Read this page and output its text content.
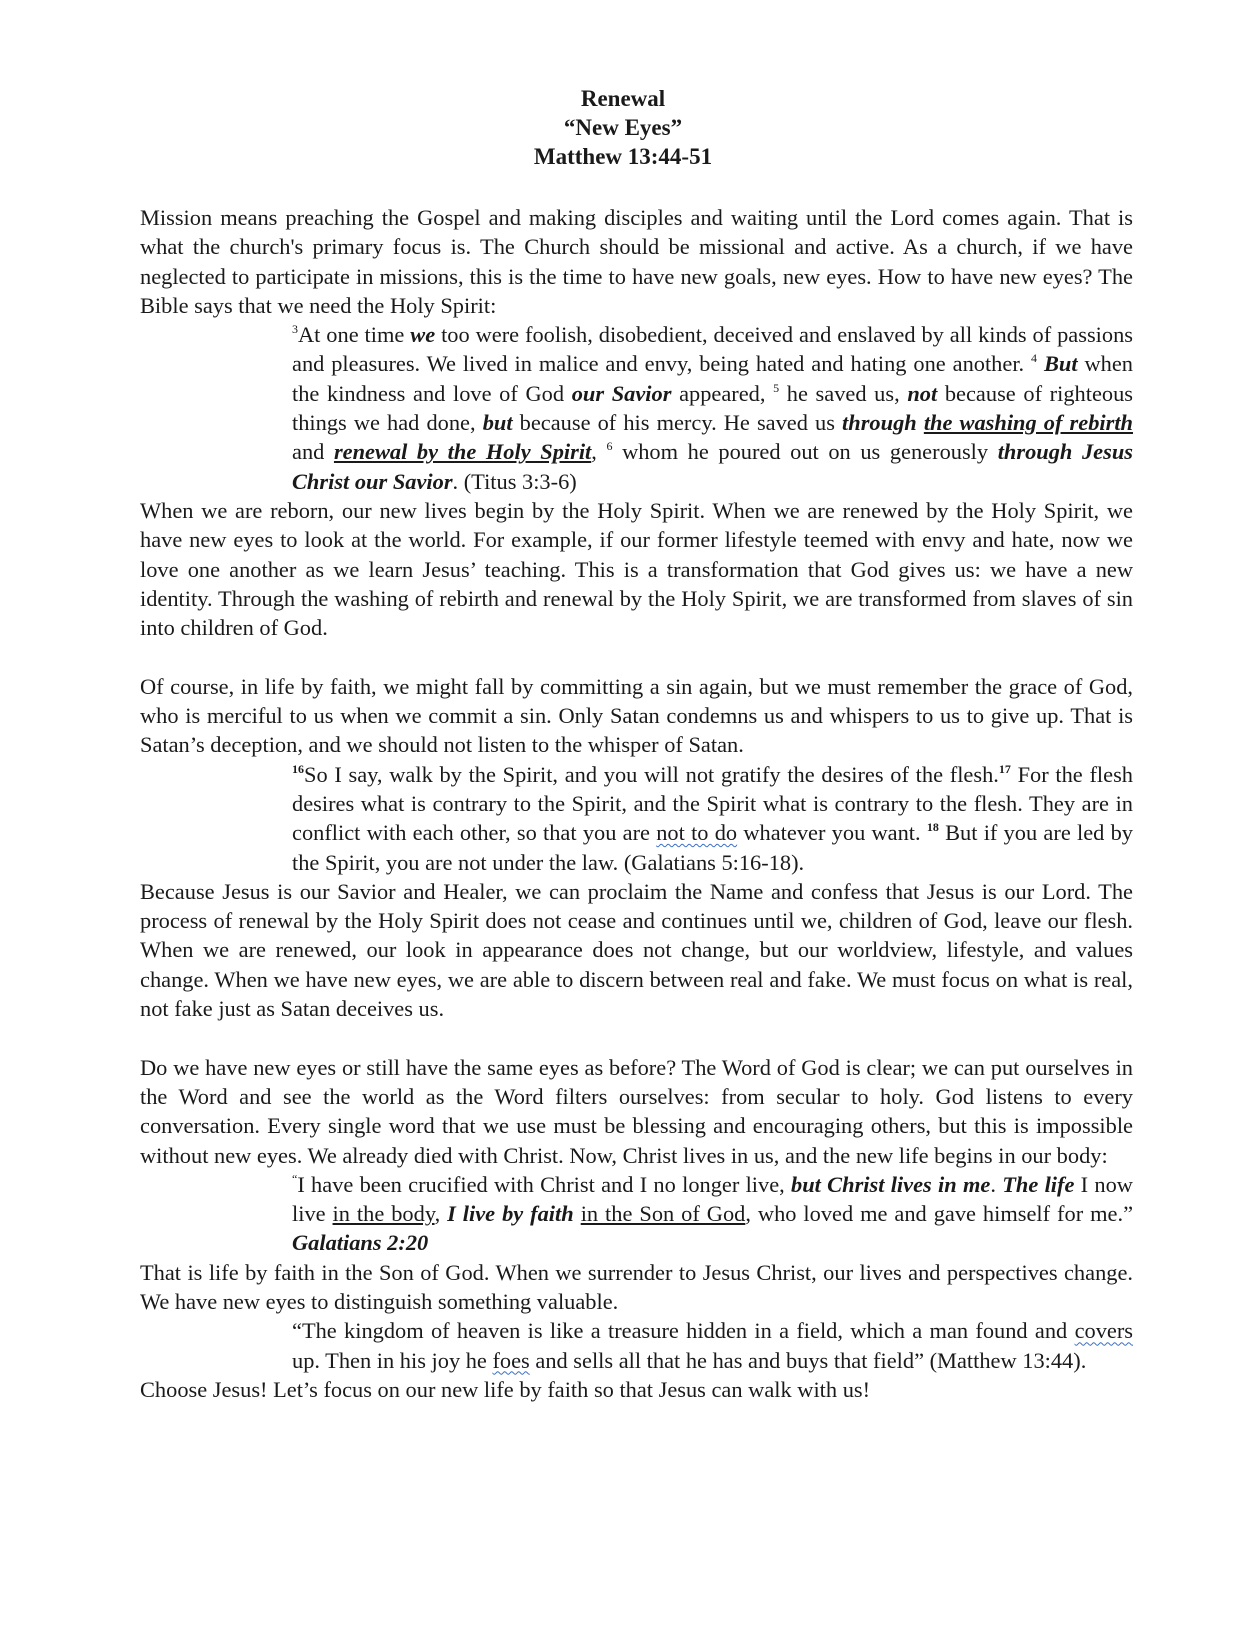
Renewal
“New Eyes”
Matthew 13:44-51

Mission means preaching the Gospel and making disciples and waiting until the Lord comes again. That is what the church's primary focus is. The Church should be missional and active. As a church, if we have neglected to participate in missions, this is the time to have new goals, new eyes. How to have new eyes? The Bible says that we need the Holy Spirit:

$^3$At one time we too were foolish, disobedient, deceived and enslaved by all kinds of passions and pleasures. We lived in malice and envy, being hated and hating one another. $^4$ But when the kindness and love of God our Savior appeared, $^5$ he saved us, not because of righteous things we had done, but because of his mercy. He saved us through the washing of rebirth and renewal by the Holy Spirit, $^6$ whom he poured out on us generously through Jesus Christ our Savior. (Titus 3:3-6)

When we are reborn, our new lives begin by the Holy Spirit. When we are renewed by the Holy Spirit, we have new eyes to look at the world. For example, if our former lifestyle teemed with envy and hate, now we love one another as we learn Jesus’ teaching. This is a transformation that God gives us: we have a new identity. Through the washing of rebirth and renewal by the Holy Spirit, we are transformed from slaves of sin into children of God.

Of course, in life by faith, we might fall by committing a sin again, but we must remember the grace of God, who is merciful to us when we commit a sin. Only Satan condemns us and whispers to us to give up. That is Satan’s deception, and we should not listen to the whisper of Satan.

$^{16}$So I say, walk by the Spirit, and you will not gratify the desires of the flesh.$^{17}$ For the flesh desires what is contrary to the Spirit, and the Spirit what is contrary to the flesh. They are in conflict with each other, so that you are not to do whatever you want. $^{18}$ But if you are led by the Spirit, you are not under the law. (Galatians 5:16-18).

Because Jesus is our Savior and Healer, we can proclaim the Name and confess that Jesus is our Lord. The process of renewal by the Holy Spirit does not cease and continues until we, children of God, leave our flesh. When we are renewed, our look in appearance does not change, but our worldview, lifestyle, and values change. When we have new eyes, we are able to discern between real and fake. We must focus on what is real, not fake just as Satan deceives us.

Do we have new eyes or still have the same eyes as before? The Word of God is clear; we can put ourselves in the Word and see the world as the Word filters ourselves: from secular to holy. God listens to every conversation. Every single word that we use must be blessing and encouraging others, but this is impossible without new eyes. We already died with Christ. Now, Christ lives in us, and the new life begins in our body:

“I have been crucified with Christ and I no longer live, but Christ lives in me. The life I now live in the body, I live by faith in the Son of God, who loved me and gave himself for me.” Galatians 2:20

That is life by faith in the Son of God. When we surrender to Jesus Christ, our lives and perspectives change. We have new eyes to distinguish something valuable.

“The kingdom of heaven is like a treasure hidden in a field, which a man found and covers up. Then in his joy he foes and sells all that he has and buys that field” (Matthew 13:44).

Choose Jesus! Let’s focus on our new life by faith so that Jesus can walk with us!
